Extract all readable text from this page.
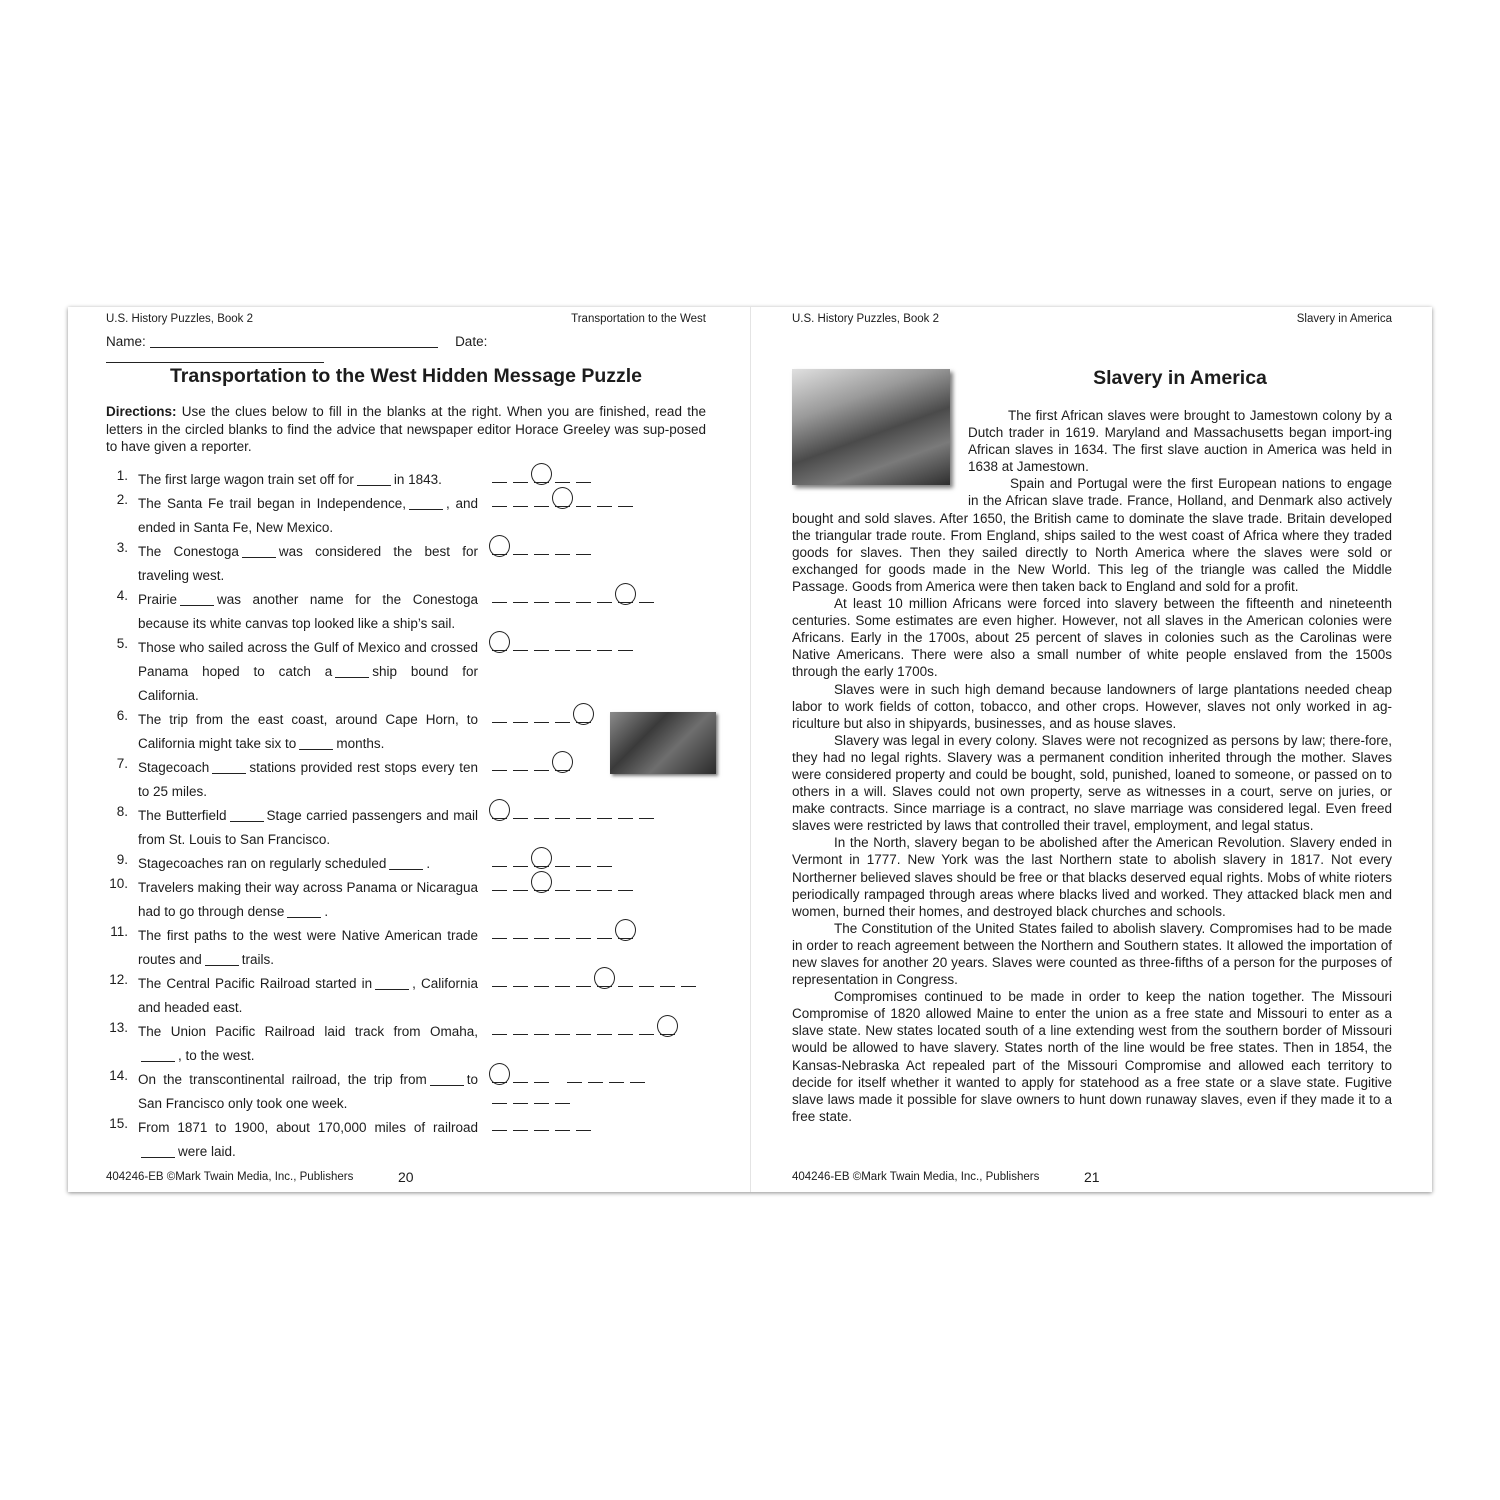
U.S. History Puzzles, Book 2	Transportation to the West
Name:	Date:
Transportation to the West Hidden Message Puzzle
Directions: Use the clues below to fill in the blanks at the right. When you are finished, read the letters in the circled blanks to find the advice that newspaper editor Horace Greeley was sup-posed to have given a reporter.
1. The first large wagon train set off for	in 1843.
2. The Santa Fe trail began in Independence,	, and ended in Santa Fe, New Mexico.
3. The Conestoga	was considered the best for traveling west.
4. Prairie	was another name for the Conestoga because its white canvas top looked like a ship’s sail.
5. Those who sailed across the Gulf of Mexico and crossed Panama hoped to catch a	ship bound for California.
6. The trip from the east coast, around Cape Horn, to California might take six to	months.
7. Stagecoach	stations provided rest stops every ten to 25 miles.
8. The Butterfield	Stage carried passengers and mail from St. Louis to San Francisco.
9. Stagecoaches ran on regularly scheduled	.
10. Travelers making their way across Panama or Nicaragua had to go through dense	.
11. The first paths to the west were Native American trade routes and	trails.
12. The Central Pacific Railroad started in	, California and headed east.
13. The Union Pacific Railroad laid track from Omaha,, to the west.
14. On the transcontinental railroad, the trip from	to San Francisco only took one week.
15. From 1871 to 1900, about 170,000 miles of railroadwere laid.
404246-EB ©Mark Twain Media, Inc., Publishers	20
U.S. History Puzzles, Book 2	Slavery in America
Slavery in America

The first African slaves were brought to Jamestown colony by a Dutch trader in 1619. Maryland and Massachusetts began import-ing African slaves in 1634. The first slave auction in America was held in 1638 at Jamestown.

Spain and Portugal were the first European nations to engage in the African slave trade. France, Holland, and Denmark also actively bought and sold slaves. After 1650, the British came to dominate the slave trade. Britain developed the triangular trade route. From England, ships sailed to the west coast of Africa where they traded goods for slaves. Then they sailed directly to North America where the slaves were sold or exchanged for goods made in the New World. This leg of the triangle was called the Middle Passage. Goods from America were then taken back to England and sold for a profit.

At least 10 million Africans were forced into slavery between the fifteenth and nineteenth centuries. Some estimates are even higher. However, not all slaves in the American colonies were Africans. Early in the 1700s, about 25 percent of slaves in colonies such as the Carolinas were Native Americans. There were also a small number of white people enslaved from the 1500s through the early 1700s.

Slaves were in such high demand because landowners of large plantations needed cheap labor to work fields of cotton, tobacco, and other crops. However, slaves not only worked in ag-riculture but also in shipyards, businesses, and as house slaves.

Slavery was legal in every colony. Slaves were not recognized as persons by law; there-fore, they had no legal rights. Slavery was a permanent condition inherited through the mother. Slaves were considered property and could be bought, sold, punished, loaned to someone, or passed on to others in a will. Slaves could not own property, serve as witnesses in a court, serve on juries, or make contracts. Since marriage is a contract, no slave marriage was considered legal. Even freed slaves were restricted by laws that controlled their travel, employment, and legal status.

In the North, slavery began to be abolished after the American Revolution. Slavery ended in Vermont in 1777. New York was the last Northern state to abolish slavery in 1817. Not every Northerner believed slaves should be free or that blacks deserved equal rights. Mobs of white rioters periodically rampaged through areas where blacks lived and worked. They attacked black men and women, burned their homes, and destroyed black churches and schools.

The Constitution of the United States failed to abolish slavery. Compromises had to be made in order to reach agreement between the Northern and Southern states. It allowed the importation of new slaves for another 20 years. Slaves were counted as three-fifths of a person for the purposes of representation in Congress.

Compromises continued to be made in order to keep the nation together. The Missouri Compromise of 1820 allowed Maine to enter the union as a free state and Missouri to enter as a slave state. New states located south of a line extending west from the southern border of Missouri would be allowed to have slavery. States north of the line would be free states. Then in 1854, the Kansas-Nebraska Act repealed part of the Missouri Compromise and allowed each territory to decide for itself whether it wanted to apply for statehood as a free state or a slave state. Fugitive slave laws made it possible for slave owners to hunt down runaway slaves, even if they made it to a free state.

404246-EB ©Mark Twain Media, Inc., Publishers	21
